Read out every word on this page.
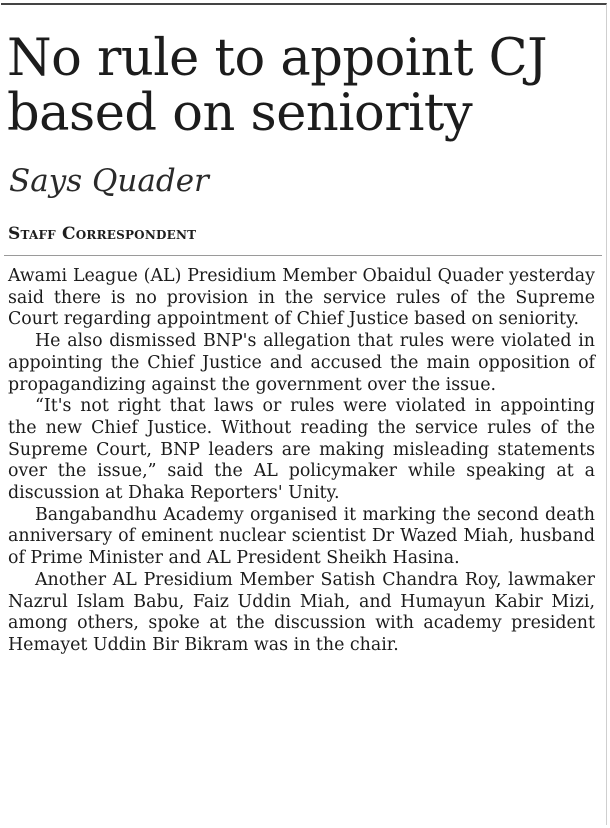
No rule to appoint CJ based on seniority
Says Quader
Staff Correspondent

Awami League (AL) Presidium Member Obaidul Quader yesterday said there is no provision in the service rules of the Supreme Court regarding appointment of Chief Justice based on seniority.

He also dismissed BNP's allegation that rules were violated in appointing the Chief Justice and accused the main opposition of propagandizing against the government over the issue.

“It's not right that laws or rules were violated in appointing the new Chief Justice. Without reading the service rules of the Supreme Court, BNP leaders are making misleading statements over the issue,” said the AL policymaker while speaking at a discussion at Dhaka Reporters' Unity.

Bangabandhu Academy organised it marking the second death anniversary of eminent nuclear scientist Dr Wazed Miah, husband of Prime Minister and AL President Sheikh Hasina.

Another AL Presidium Member Satish Chandra Roy, lawmaker Nazrul Islam Babu, Faiz Uddin Miah, and Humayun Kabir Mizi, among others, spoke at the discussion with academy president Hemayet Uddin Bir Bikram was in the chair.
